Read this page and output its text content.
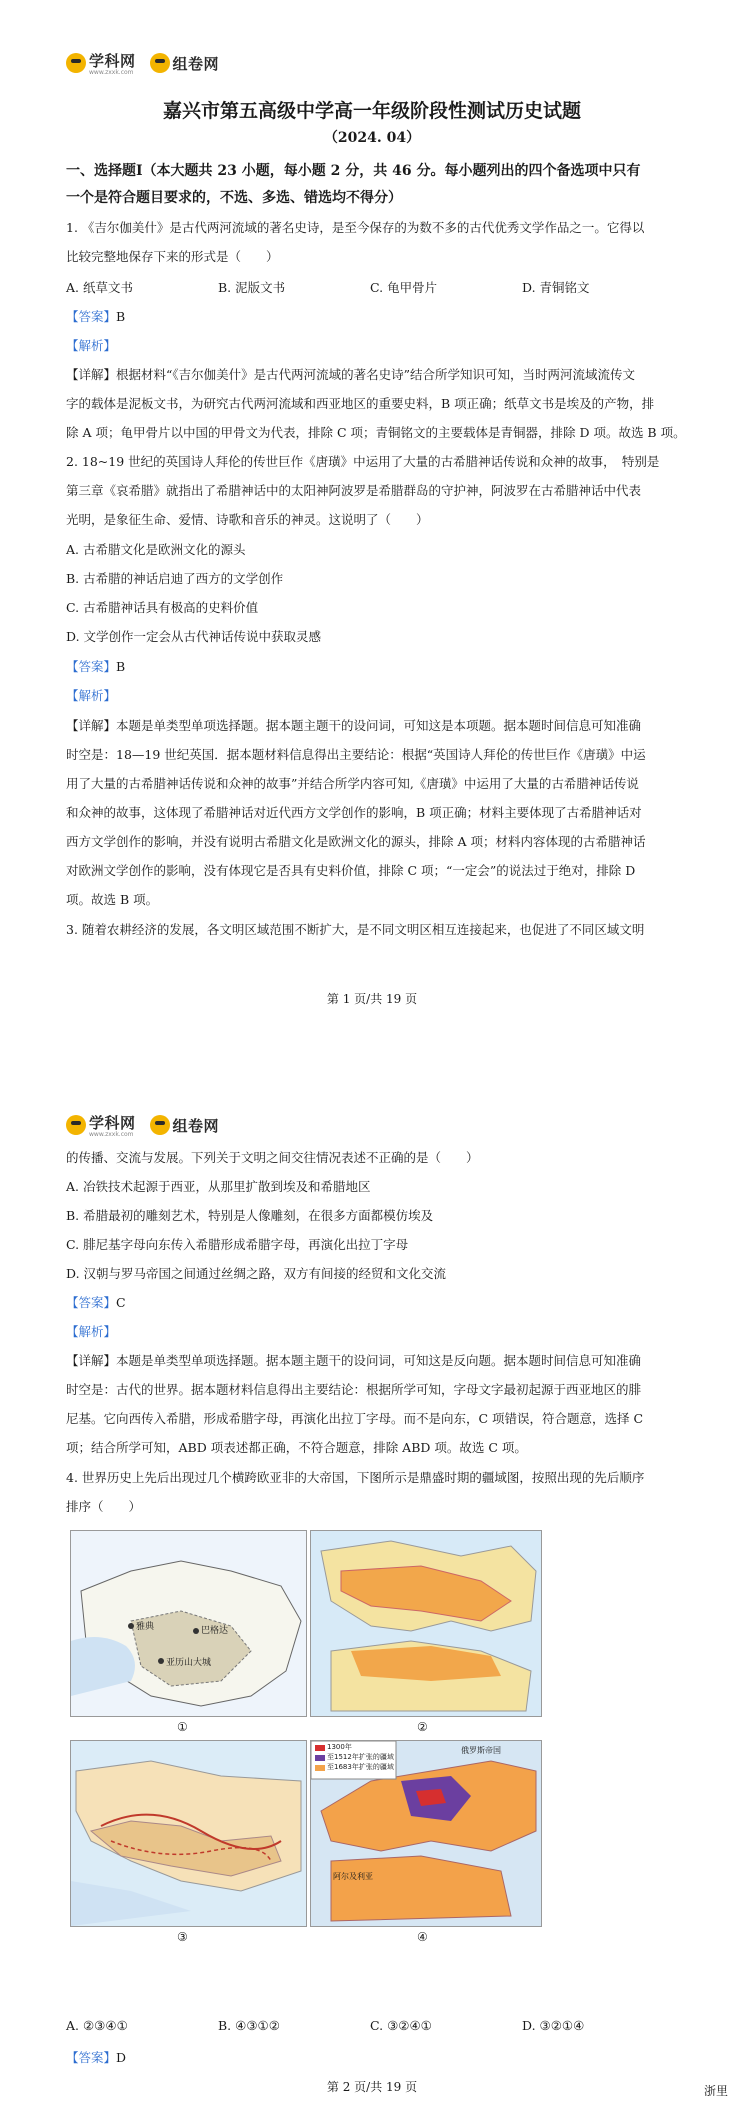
学科网
www.zxxk.com	组卷网
嘉兴市第五高级中学高一年级阶段性测试历史试题
（2024. 04）
一、选择题Ⅰ（本大题共 23 小题，每小题 2 分，共 46 分。每小题列出的四个备选项中只有
一个是符合题目要求的，不选、多选、错选均不得分）
1. 《吉尔伽美什》是古代两河流域的著名史诗，是至今保存的为数不多的古代优秀文学作品之一。它得以
比较完整地保存下来的形式是（　　）
A. 纸草文书	B. 泥版文书	C. 龟甲骨片	D. 青铜铭文
【答案】B
【解析】
【详解】根据材料“《吉尔伽美什》是古代两河流域的著名史诗”结合所学知识可知，当时两河流域流传文
字的载体是泥板文书，为研究古代两河流域和西亚地区的重要史料，B 项正确；纸草文书是埃及的产物，排
除 A 项；龟甲骨片以中国的甲骨文为代表，排除 C 项；青铜铭文的主要载体是青铜器，排除 D 项。故选 B 项。
2. 18~19 世纪的英国诗人拜伦的传世巨作《唐璜》中运用了大量的古希腊神话传说和众神的故事，　特别是
第三章《哀希腊》就指出了希腊神话中的太阳神阿波罗是希腊群岛的守护神，阿波罗在古希腊神话中代表
光明，是象征生命、爱情、诗歌和音乐的神灵。这说明了（　　）
A. 古希腊文化是欧洲文化的源头
B. 古希腊的神话启迪了西方的文学创作
C. 古希腊神话具有极高的史料价值
D. 文学创作一定会从古代神话传说中获取灵感
【答案】B
【解析】
【详解】本题是单类型单项选择题。据本题主题干的设问词，可知这是本项题。据本题时间信息可知准确
时空是：18—19 世纪英国．据本题材料信息得出主要结论：根据“英国诗人拜伦的传世巨作《唐璜》中运
用了大量的古希腊神话传说和众神的故事”并结合所学内容可知,《唐璜》中运用了大量的古希腊神话传说
和众神的故事，这体现了希腊神话对近代西方文学创作的影响，B 项正确；材料主要体现了古希腊神话对
西方文学创作的影响，并没有说明古希腊文化是欧洲文化的源头，排除 A 项；材料内容体现的古希腊神话
对欧洲文学创作的影响，没有体现它是否具有史料价值，排除 C 项；“一定会”的说法过于绝对，排除 D
项。故选 B 项。
3. 随着农耕经济的发展，各文明区域范围不断扩大，是不同文明区相互连接起来，也促进了不同区域文明
第 1 页/共 19 页
学科网
www.zxxk.com	组卷网
的传播、交流与发展。下列关于文明之间交往情况表述不正确的是（　　）
A. 冶铁技术起源于西亚，从那里扩散到埃及和希腊地区
B. 希腊最初的雕刻艺术，特别是人像雕刻，在很多方面都模仿埃及
C. 腓尼基字母向东传入希腊形成希腊字母，再演化出拉丁字母
D. 汉朝与罗马帝国之间通过丝绸之路，双方有间接的经贸和文化交流
【答案】C
【解析】
【详解】本题是单类型单项选择题。据本题主题干的设问词，可知这是反向题。据本题时间信息可知准确
时空是：古代的世界。据本题材料信息得出主要结论：根据所学可知，字母文字最初起源于西亚地区的腓
尼基。它向西传入希腊，形成希腊字母，再演化出拉丁字母。而不是向东，C 项错误，符合题意，选择 C
项；结合所学可知，ABD 项表述都正确，不符合题意，排除 ABD 项。故选 C 项。
4. 世界历史上先后出现过几个横跨欧亚非的大帝国，下图所示是鼎盛时期的疆域图，按照出现的先后顺序
排序（　　）
巴格达
亚历山大城
雅典
①	②
③
1300年
至1512年扩张的疆域
至1683年扩张的疆域
俄罗斯帝国
阿尔及利亚
④
A. ②③④①	B. ④③①②	C. ③②④①	D. ③②①④
【答案】D
第 2 页/共 19 页	浙里
